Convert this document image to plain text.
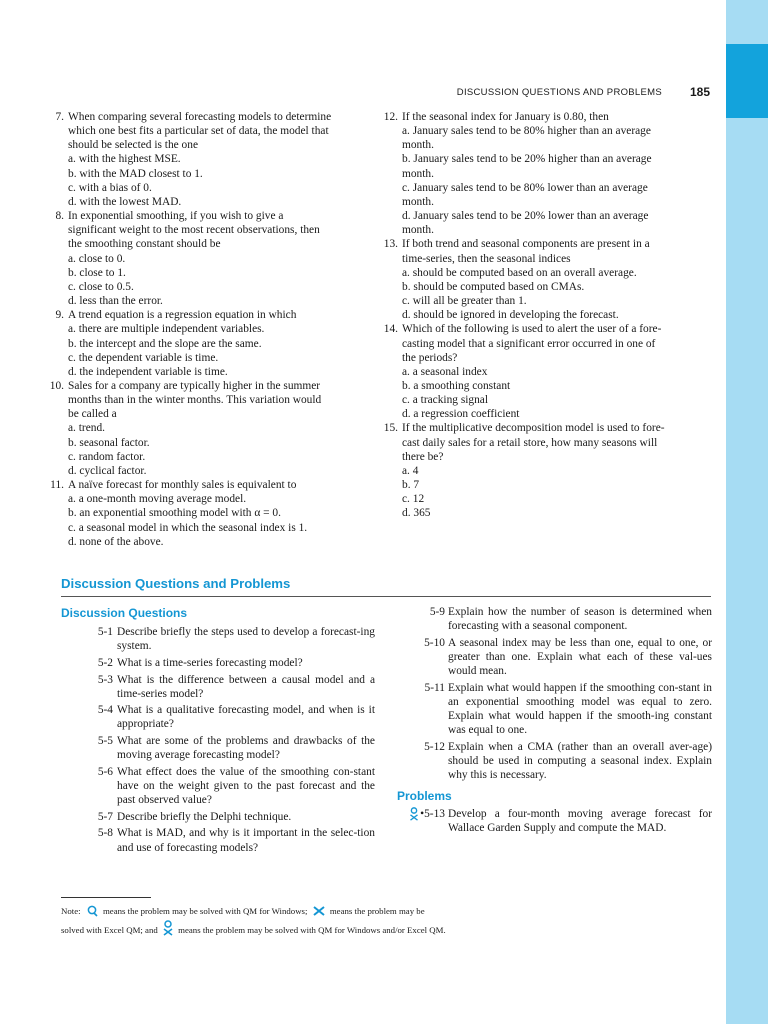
DISCUSSION QUESTIONS AND PROBLEMS 185
7. When comparing several forecasting models to determine
which one best fits a particular set of data, the model that
should be selected is the one
a. with the highest MSE.
b. with the MAD closest to 1.
c. with a bias of 0.
d. with the lowest MAD.
8. In exponential smoothing, if you wish to give a
significant weight to the most recent observations, then
the smoothing constant should be
a. close to 0.
b. close to 1.
c. close to 0.5.
d. less than the error.
9. A trend equation is a regression equation in which
a. there are multiple independent variables.
b. the intercept and the slope are the same.
c. the dependent variable is time.
d. the independent variable is time.
10. Sales for a company are typically higher in the summer
months than in the winter months. This variation would
be called a
a. trend.
b. seasonal factor.
c. random factor.
d. cyclical factor.
11. A naïve forecast for monthly sales is equivalent to
a. a one-month moving average model.
b. an exponential smoothing model with α = 0.
c. a seasonal model in which the seasonal index is 1.
d. none of the above.
12. If the seasonal index for January is 0.80, then
a. January sales tend to be 80% higher than an average
month.
b. January sales tend to be 20% higher than an average
month.
c. January sales tend to be 80% lower than an average
month.
d. January sales tend to be 20% lower than an average
month.
13. If both trend and seasonal components are present in a
time-series, then the seasonal indices
a. should be computed based on an overall average.
b. should be computed based on CMAs.
c. will all be greater than 1.
d. should be ignored in developing the forecast.
14. Which of the following is used to alert the user of a fore-
casting model that a significant error occurred in one of
the periods?
a. a seasonal index
b. a smoothing constant
c. a tracking signal
d. a regression coefficient
15. If the multiplicative decomposition model is used to fore-
cast daily sales for a retail store, how many seasons will
there be?
a. 4
b. 7
c. 12
d. 365
Discussion Questions and Problems
Discussion Questions
5-1 Describe briefly the steps used to develop a forecast-ing system.
5-2 What is a time-series forecasting model?
5-3 What is the difference between a causal model and a time-series model?
5-4 What is a qualitative forecasting model, and when is it appropriate?
5-5 What are some of the problems and drawbacks of the moving average forecasting model?
5-6 What effect does the value of the smoothing con-stant have on the weight given to the past forecast and the past observed value?
5-7 Describe briefly the Delphi technique.
5-8 What is MAD, and why is it important in the selec-tion and use of forecasting models?
5-9 Explain how the number of season is determined when forecasting with a seasonal component.
5-10 A seasonal index may be less than one, equal to one, or greater than one. Explain what each of these val-ues would mean.
5-11 Explain what would happen if the smoothing con-stant in an exponential smoothing model was equal to zero. Explain what would happen if the smooth-ing constant was equal to one.
5-12 Explain when a CMA (rather than an overall aver-age) should be used in computing a seasonal index. Explain why this is necessary.
Problems
• 5-13 Develop a four-month moving average forecast for Wallace Garden Supply and compute the MAD.
Note:	means the problem may be solved with QM for Windows;	means the problem may be
solved with Excel QM; and means the problem may be solved with QM for Windows and/or Excel QM.
